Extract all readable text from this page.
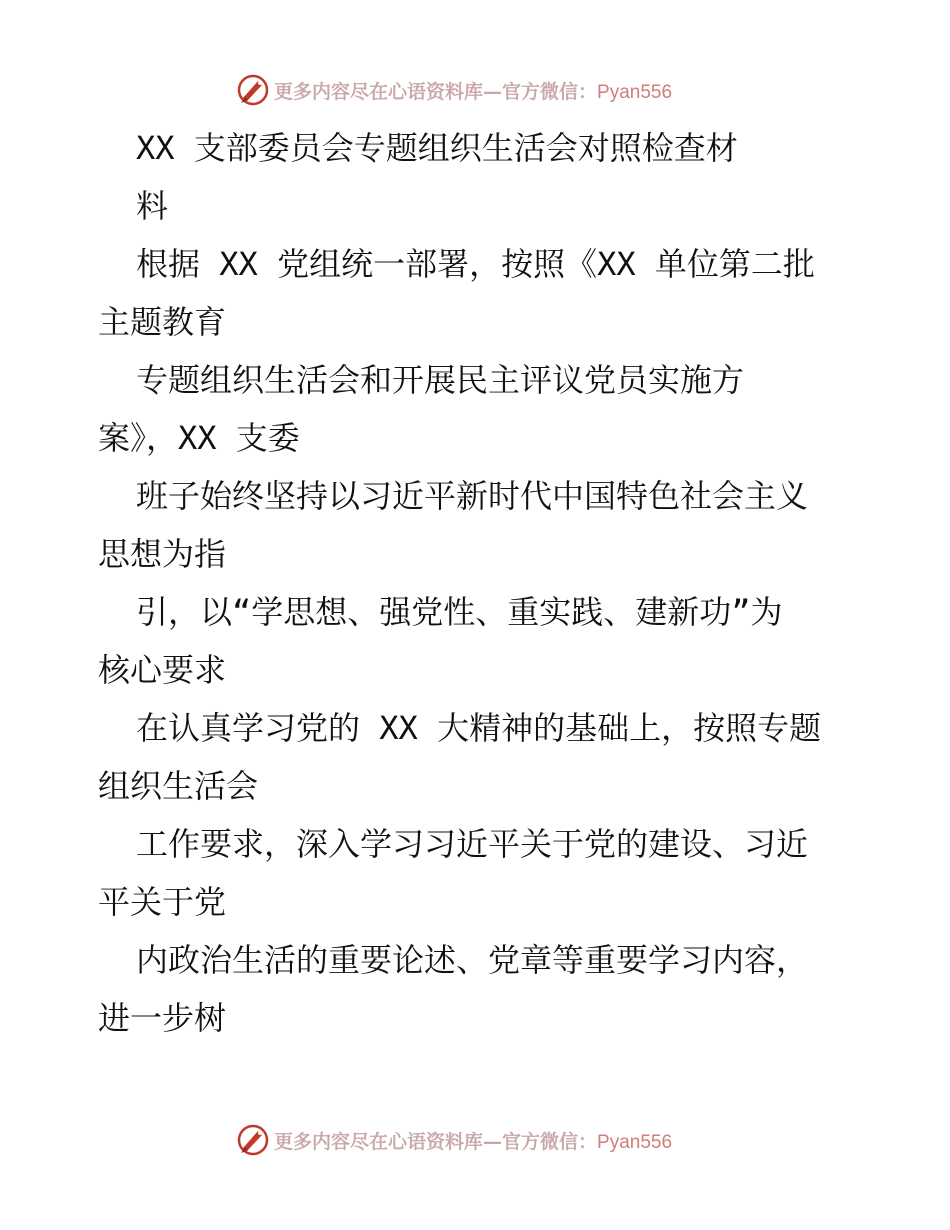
更多内容尽在心语资料库—官方微信：Pyan556
XX 支部委员会专题组织生活会对照检查材
料
根据 XX 党组统一部署，按照《XX 单位第二批
主题教育
专题组织生活会和开展民主评议党员实施方
案》，XX 支委
班子始终坚持以习近平新时代中国特色社会主义
思想为指
引，以“学思想、强党性、重实践、建新功”为
核心要求
在认真学习党的 XX 大精神的基础上，按照专题
组织生活会
工作要求，深入学习习近平关于党的建设、习近
平关于党
内政治生活的重要论述、党章等重要学习内容，
进一步树
更多内容尽在心语资料库—官方微信：Pyan556
